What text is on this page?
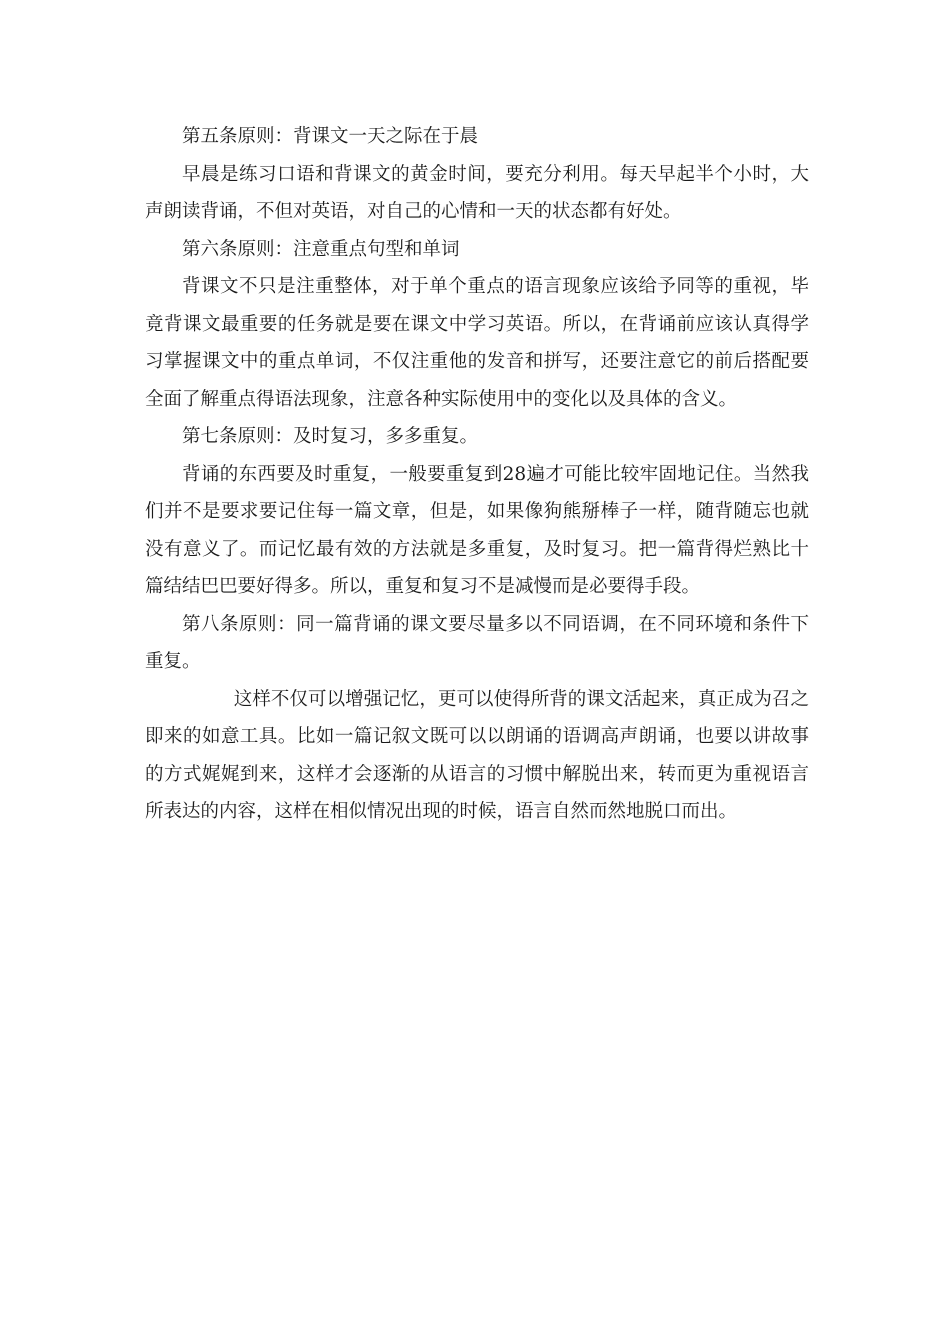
第五条原则：背课文一天之际在于晨

早晨是练习口语和背课文的黄金时间，要充分利用。每天早起半个小时，大声朗读背诵，不但对英语，对自己的心情和一天的状态都有好处。

第六条原则：注意重点句型和单词

背课文不只是注重整体，对于单个重点的语言现象应该给予同等的重视，毕竟背课文最重要的任务就是要在课文中学习英语。所以，在背诵前应该认真得学习掌握课文中的重点单词，不仅注重他的发音和拼写，还要注意它的前后搭配要全面了解重点得语法现象，注意各种实际使用中的变化以及具体的含义。

第七条原则：及时复习，多多重复。

背诵的东西要及时重复，一般要重复到28遍才可能比较牢固地记住。当然我们并不是要求要记住每一篇文章，但是，如果像狗熊掰棒子一样，随背随忘也就没有意义了。而记忆最有效的方法就是多重复，及时复习。把一篇背得烂熟比十篇结结巴巴要好得多。所以，重复和复习不是减慢而是必要得手段。

第八条原则：同一篇背诵的课文要尽量多以不同语调，在不同环境和条件下重复。

这样不仅可以增强记忆，更可以使得所背的课文活起来，真正成为召之即来的如意工具。比如一篇记叙文既可以以朗诵的语调高声朗诵，也要以讲故事的方式娓娓到来，这样才会逐渐的从语言的习惯中解脱出来，转而更为重视语言所表达的内容，这样在相似情况出现的时候，语言自然而然地脱口而出。
